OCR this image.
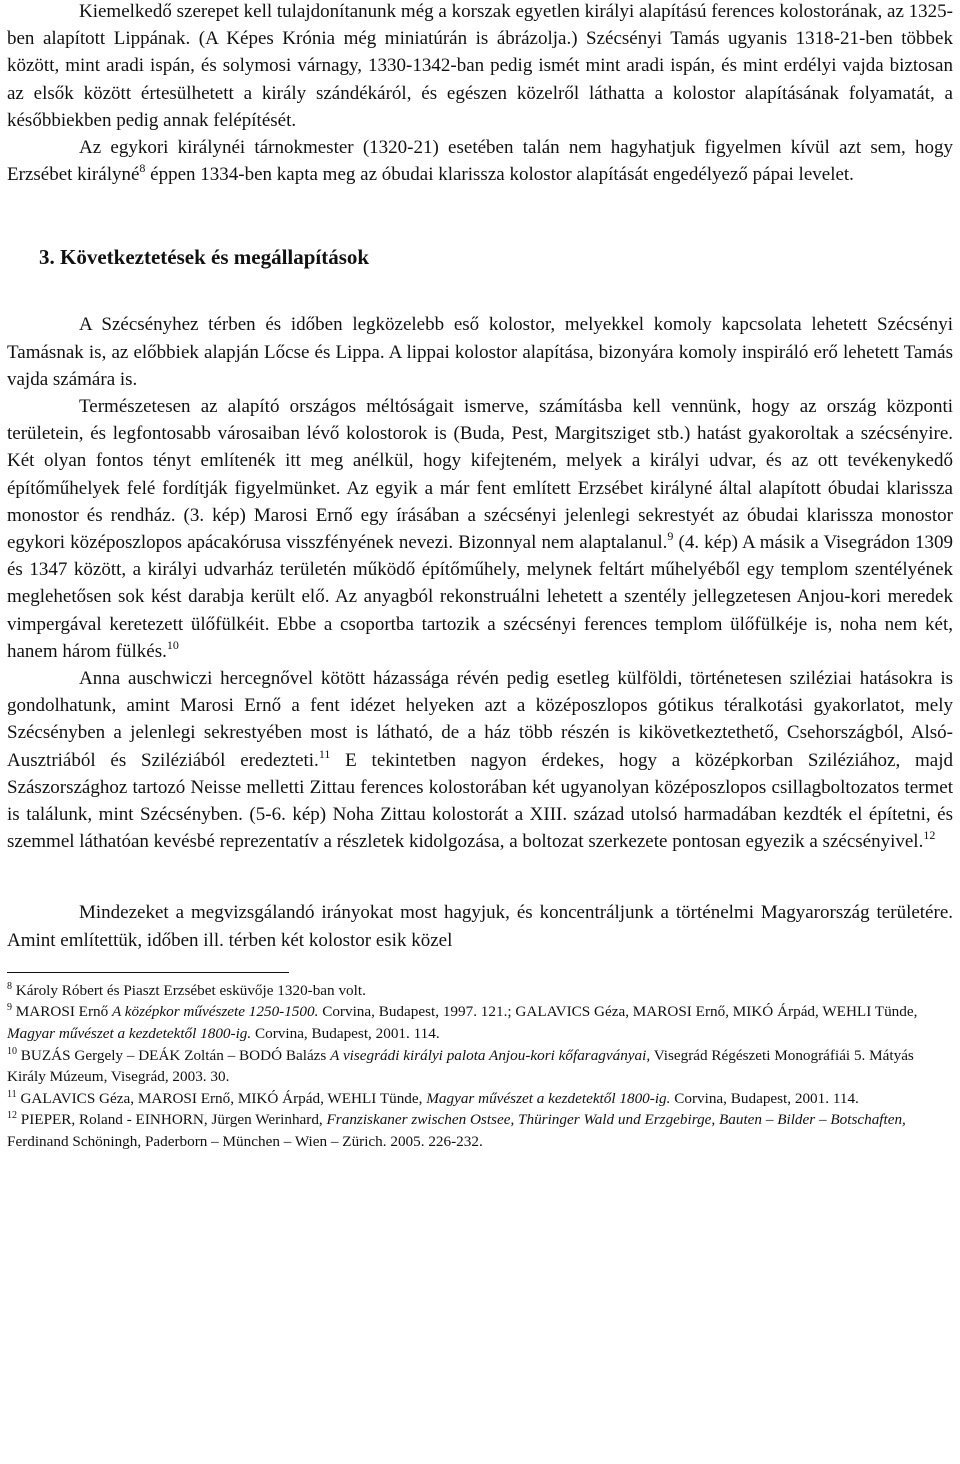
Kiemelkedő szerepet kell tulajdonítanunk még a korszak egyetlen királyi alapítású ferences kolostorának, az 1325-ben alapított Lippának. (A Képes Krónia még miniatúrán is ábrázolja.) Szécsényi Tamás ugyanis 1318-21-ben többek között, mint aradi ispán, és solymosi várnagy, 1330-1342-ban pedig ismét mint aradi ispán, és mint erdélyi vajda biztosan az elsők között értesülhetett a király szándékáról, és egészen közelről láthatta a kolostor alapításának folyamatát, a későbbiekben pedig annak felépítését.

Az egykori királynéi tárnokmester (1320-21) esetében talán nem hagyhatjuk figyelmen kívül azt sem, hogy Erzsébet királyné$^8$ éppen 1334-ben kapta meg az óbudai klarissza kolostor alapítását engedélyező pápai levelet.

3. Következtetések és megállapítások

A Szécsényhez térben és időben legközelebb eső kolostor, melyekkel komoly kapcsolata lehetett Szécsényi Tamásnak is, az előbbiek alapján Lőcse és Lippa. A lippai kolostor alapítása, bizonyára komoly inspiráló erő lehetett Tamás vajda számára is.

Természetesen az alapító országos méltóságait ismerve, számításba kell vennünk, hogy az ország központi területein, és legfontosabb városaiban lévő kolostorok is (Buda, Pest, Margitsziget stb.) hatást gyakoroltak a szécsényire. Két olyan fontos tényt említenék itt meg anélkül, hogy kifejteném, melyek a királyi udvar, és az ott tevékenykedő építőműhelyek felé fordítják figyelmünket. Az egyik a már fent említett Erzsébet királyné által alapított óbudai klarissza monostor és rendház. (3. kép) Marosi Ernő egy írásában a szécsényi jelenlegi sekrestyét az óbudai klarissza monostor egykori középoszlopos apácakórusa visszfényének nevezi. Bizonnyal nem alaptalanul.$^9$ (4. kép) A másik a Visegrádon 1309 és 1347 között, a királyi udvarház területén működő építőműhely, melynek feltárt műhelyéből egy templom szentélyének meglehetősen sok kést darabja került elő. Az anyagból rekonstruálni lehetett a szentély jellegzetesen Anjou-kori meredek vimpergával keretezett ülőfülkéit. Ebbe a csoportba tartozik a szécsényi ferences templom ülőfülkéje is, noha nem két, hanem három fülkés.$^{10}$

Anna auschwiczi hercegnővel kötött házassága révén pedig esetleg külföldi, történetesen sziléziai hatásokra is gondolhatunk, amint Marosi Ernő a fent idézet helyeken azt a középoszlopos gótikus téralkotási gyakorlatot, mely Szécsényben a jelenlegi sekrestyében most is látható, de a ház több részén is kikövetkeztethető, Csehországból, Alsó-Ausztriából és Sziléziából eredezteti.$^{11}$ E tekintetben nagyon érdekes, hogy a középkorban Sziléziához, majd Szászországhoz tartozó Neisse melletti Zittau ferences kolostorában két ugyanolyan középoszlopos csillagboltozatos termet is találunk, mint Szécsényben. (5-6. kép) Noha Zittau kolostorát a XIII. század utolsó harmadában kezdték el építetni, és szemmel láthatóan kevésbé reprezentatív a részletek kidolgozása, a boltozat szerkezete pontosan egyezik a szécsényivel.$^{12}$

Mindezeket a megvizsgálandó irányokat most hagyjuk, és koncentráljunk a történelmi Magyarország területére. Amint említettük, időben ill. térben két kolostor esik közel

$^8$ Károly Róbert és Piaszt Erzsébet esküvője 1320-ban volt.

$^9$ MAROSI Ernő A középkor művészete 1250-1500. Corvina, Budapest, 1997. 121.; GALAVICS Géza, MAROSI Ernő, MIKÓ Árpád, WEHLI Tünde, Magyar művészet a kezdetektől 1800-ig. Corvina, Budapest, 2001. 114.

$^{10}$ BUZÁS Gergely – DEÁK Zoltán – BODÓ Balázs A visegrádi királyi palota Anjou-kori kőfaragványai, Visegrád Régészeti Monográfiái 5. Mátyás Király Múzeum, Visegrád, 2003. 30.

$^{11}$ GALAVICS Géza, MAROSI Ernő, MIKÓ Árpád, WEHLI Tünde, Magyar művészet a kezdetektől 1800-ig. Corvina, Budapest, 2001. 114.

$^{12}$ PIEPER, Roland - EINHORN, Jürgen Werinhard, Franziskaner zwischen Ostsee, Thüringer Wald und Erzgebirge, Bauten – Bilder – Botschaften, Ferdinand Schöningh, Paderborn – München – Wien – Zürich. 2005. 226-232.
